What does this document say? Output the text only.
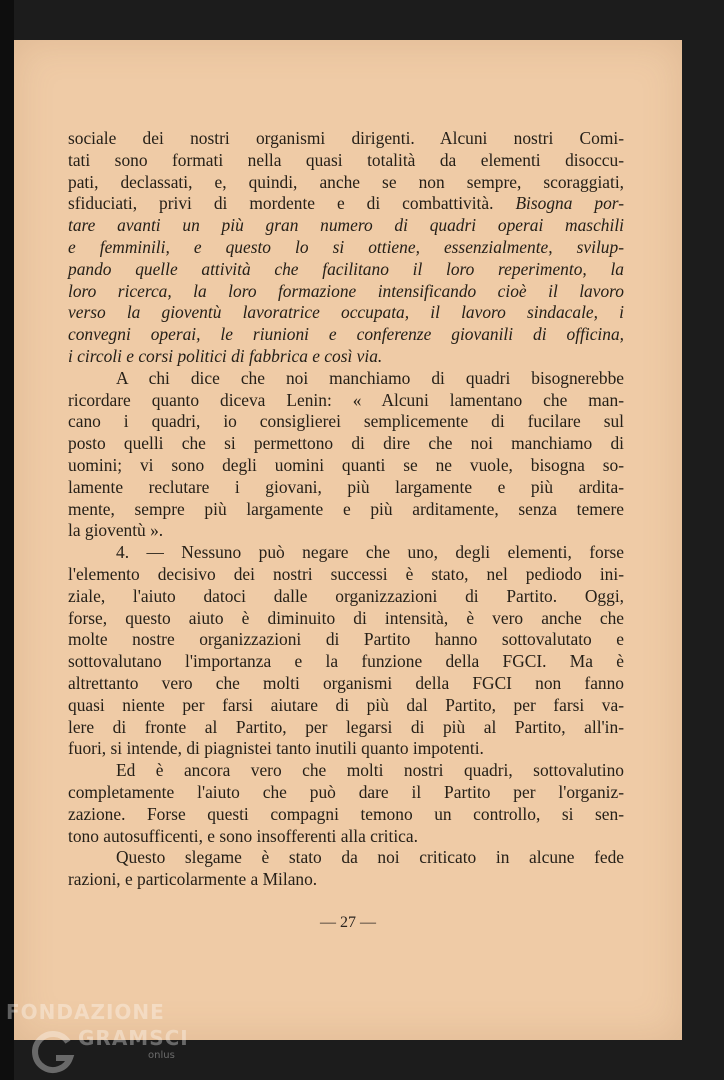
sociale dei nostri organismi dirigenti. Alcuni nostri Comi-
tati sono formati nella quasi totalità da elementi disoccu-
pati, declassati, e, quindi, anche se non sempre, scoraggiati,
sfiduciati, privi di mordente e di combattività. Bisogna por-
tare avanti un più gran numero di quadri operai maschili
e femminili, e questo lo si ottiene, essenzialmente, svilup-
pando quelle attività che facilitano il loro reperimento, la
loro ricerca, la loro formazione intensificando cioè il lavoro
verso la gioventù lavoratrice occupata, il lavoro sindacale, i
convegni operai, le riunioni e conferenze giovanili di officina,
i circoli e corsi politici di fabbrica e così via.
A chi dice che noi manchiamo di quadri bisognerebbe
ricordare quanto diceva Lenin: « Alcuni lamentano che man-
cano i quadri, io consiglierei semplicemente di fucilare sul
posto quelli che si permettono di dire che noi manchiamo di
uomini; vi sono degli uomini quanti se ne vuole, bisogna so-
lamente reclutare i giovani, più largamente e più ardita-
mente, sempre più largamente e più arditamente, senza temere
la gioventù ».
4. — Nessuno può negare che uno, degli elementi, forse
l'elemento decisivo dei nostri successi è stato, nel pediodo ini-
ziale, l'aiuto datoci dalle organizzazioni di Partito. Oggi,
forse, questo aiuto è diminuito di intensità, è vero anche che
molte nostre organizzazioni di Partito hanno sottovalutato e
sottovalutano l'importanza e la funzione della FGCI. Ma è
altrettanto vero che molti organismi della FGCI non fanno
quasi niente per farsi aiutare di più dal Partito, per farsi va-
lere di fronte al Partito, per legarsi di più al Partito, all'in-
fuori, si intende, di piagnistei tanto inutili quanto impotenti.
Ed è ancora vero che molti nostri quadri, sottovalutino
completamente l'aiuto che può dare il Partito per l'organiz-
zazione. Forse questi compagni temono un controllo, si sen-
tono autosufficenti, e sono insofferenti alla critica.
Questo slegame è stato da noi criticato in alcune fede
razioni, e particolarmente a Milano.
— 27 —
FONDAZIONE
GRAMSCI
onlus
